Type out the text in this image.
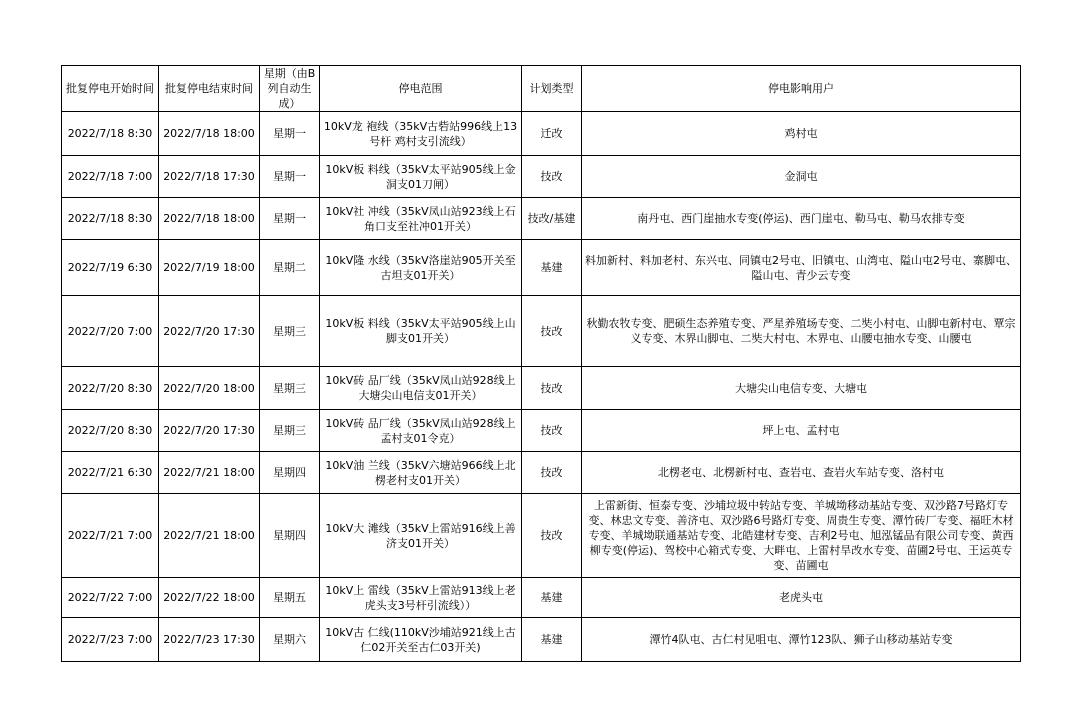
批复停电开始时间	批复停电结束时间	星期（由B列自动生成）	停电范围	计划类型	停电影响用户
2022/7/18 8:30	2022/7/18 18:00	星期一	10kV龙 袍线（35kV古砦站996线上13号杆 鸡村支引流线）	迁改	鸡村屯
2022/7/18 7:00	2022/7/18 17:30	星期一	10kV板 料线（35kV太平站905线上金洞支01刀闸）	技改	金洞屯
2022/7/18 8:30	2022/7/18 18:00	星期一	10kV社 冲线（35kV凤山站923线上石角口支至社冲01开关）	技改/基建	南丹屯、西门崖抽水专变(停运)、西门崖屯、勒马屯、勒马农排专变
2022/7/19 6:30	2022/7/19 18:00	星期二	10kV隆 水线（35kV洛崖站905开关至古坦支01开关）	基建	料加新村、料加老村、东兴屯、同镇屯2号屯、旧镇屯、山湾屯、隘山屯2号屯、寨脚屯、隘山屯、青少云专变
2022/7/20 7:00	2022/7/20 17:30	星期三	10kV板 料线（35kV太平站905线上山脚支01开关）	技改	秋勤农牧专变、肥硕生态养殖专变、严星养殖场专变、二奘小村屯、山脚屯新村屯、覃宗义专变、木界山脚屯、二奘大村屯、木界屯、山腰屯抽水专变、山腰屯
2022/7/20 8:30	2022/7/20 18:00	星期三	10kV砖 品厂线（35kV凤山站928线上大塘尖山电信支01开关）	技改	大塘尖山电信专变、大塘屯
2022/7/20 8:30	2022/7/20 17:30	星期三	10kV砖 品厂线（35kV凤山站928线上孟村支01令克）	技改	坪上屯、孟村屯
2022/7/21 6:30	2022/7/21 18:00	星期四	10kV油 兰线（35kV六塘站966线上北楞老村支01开关）	技改	北楞老屯、北楞新村屯、查岩屯、查岩火车站专变、洛村屯
2022/7/21 7:00	2022/7/21 18:00	星期四	10kV大 滩线（35kV上雷站916线上善济支01开关）	技改	上雷新街、恒泰专变、沙埔垃圾中转站专变、羊城坳移动基站专变、双沙路7号路灯专变、林忠文专变、善济屯、双沙路6号路灯专变、周贵生专变、潭竹砖厂专变、福旺木材专变、羊城坳联通基站专变、北皓建材专变、吉利2号屯、旭泓锰品有限公司专变、黄西柳专变(停运)、驾校中心箱式专变、大畔屯、上雷村旱改水专变、苗圃2号屯、王运英专变、苗圃屯
2022/7/22 7:00	2022/7/22 18:00	星期五	10kV上 雷线（35kV上雷站913线上老虎头支3号杆引流线））	基建	老虎头屯
2022/7/23 7:00	2022/7/23 17:30	星期六	10kV古 仁线(110kV沙埔站921线上古仁02开关至古仁03开关)	基建	潭竹4队屯、古仁村见咀屯、潭竹123队、狮子山移动基站专变
